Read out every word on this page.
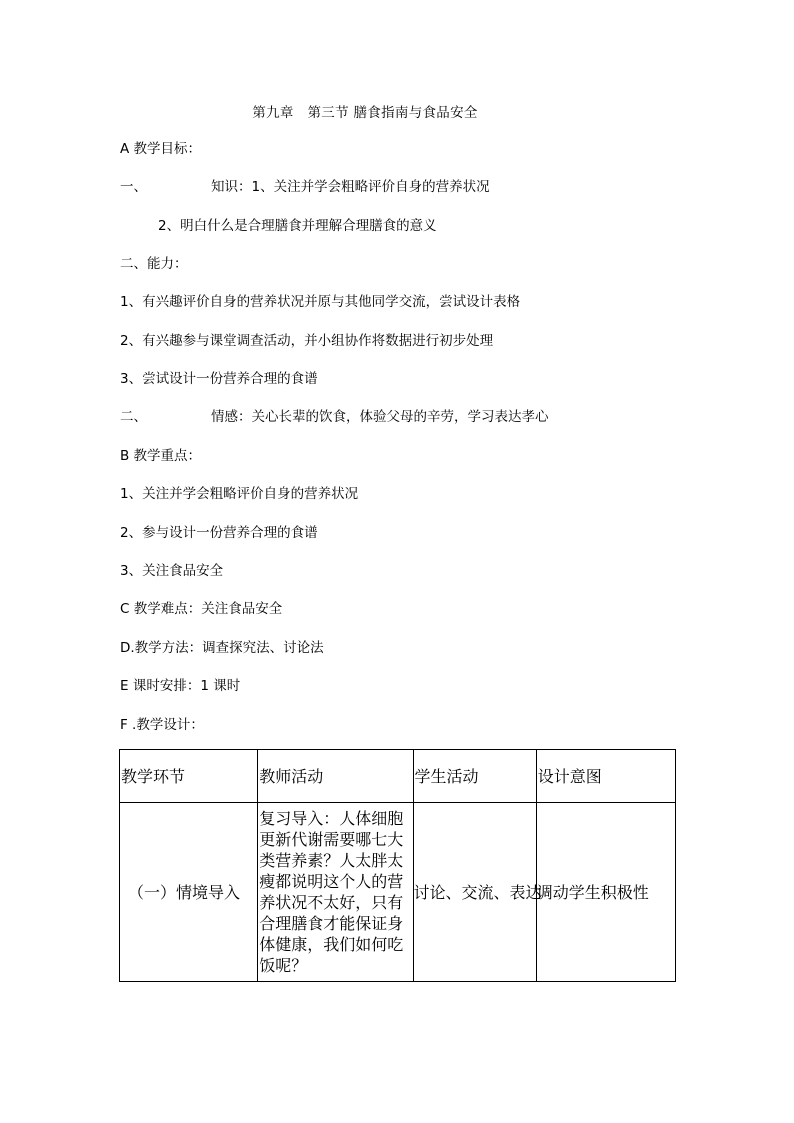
第九章　第三节 膳食指南与食品安全
A 教学目标：
一、	知识：1、关注并学会粗略评价自身的营养状况
2、明白什么是合理膳食并理解合理膳食的意义
二、能力：
1、有兴趣评价自身的营养状况并原与其他同学交流，尝试设计表格
2、有兴趣参与课堂调查活动，并小组协作将数据进行初步处理
3、尝试设计一份营养合理的食谱
二、	情感：关心长辈的饮食，体验父母的辛劳，学习表达孝心
B 教学重点：
1、关注并学会粗略评价自身的营养状况
2、参与设计一份营养合理的食谱
3、关注食品安全
C 教学难点：关注食品安全
D.教学方法：调查探究法、讨论法
E 课时安排：1 课时
F .教学设计：
教学环节	教师活动	学生活动	设计意图
（一）情境导入	复习导入：人体细胞更新代谢需要哪七大类营养素？人太胖太瘦都说明这个人的营养状况不太好，只有合理膳食才能保证身体健康，我们如何吃饭呢？	讨论、交流、表达	调动学生积极性
